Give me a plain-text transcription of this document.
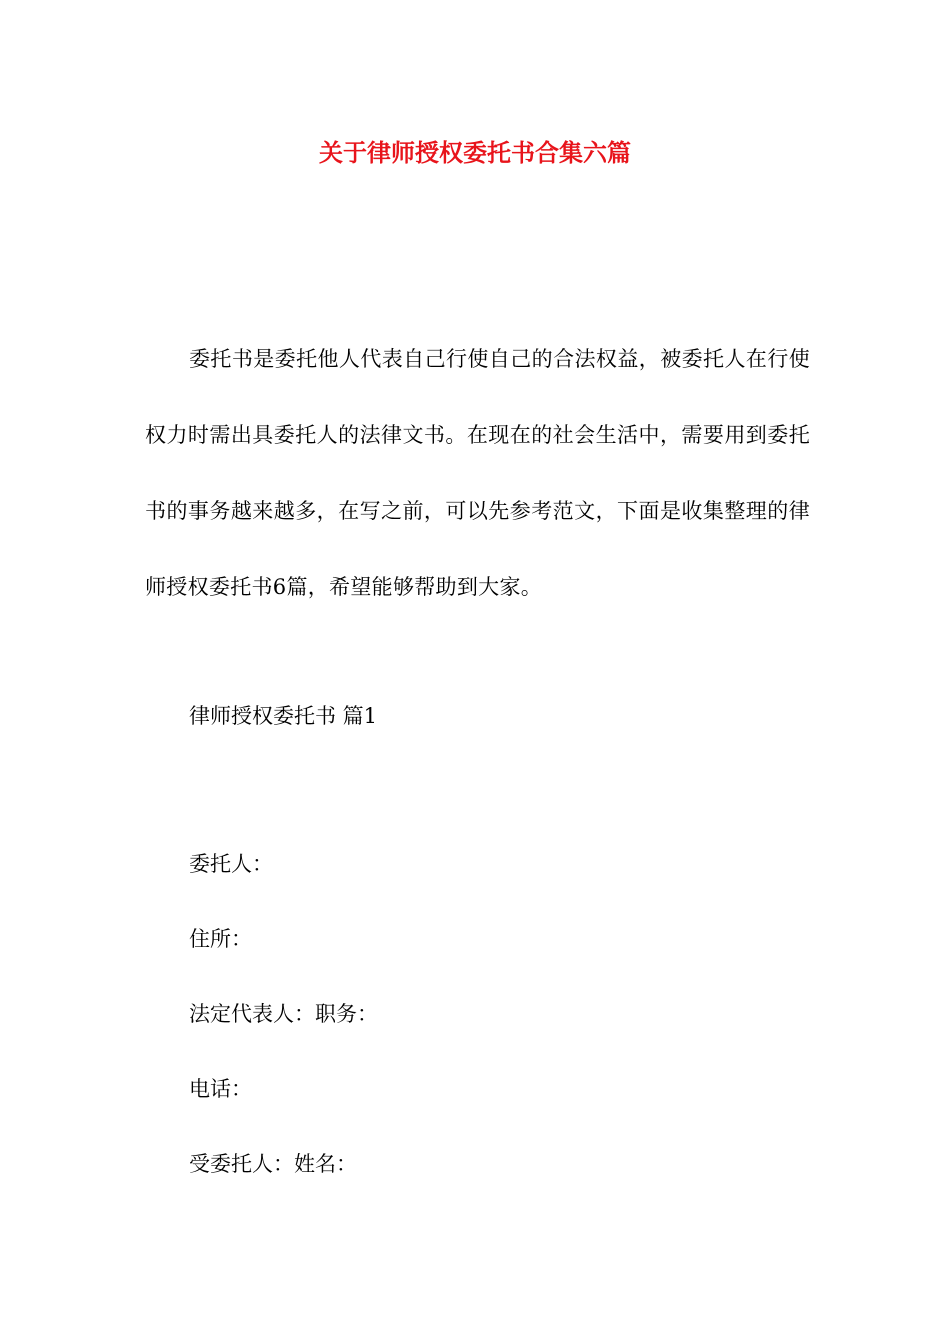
关于律师授权委托书合集六篇

委托书是委托他人代表自己行使自己的合法权益，被委托人在行使权力时需出具委托人的法律文书。在现在的社会生活中，需要用到委托书的事务越来越多，在写之前，可以先参考范文，下面是收集整理的律师授权委托书6篇，希望能够帮助到大家。

律师授权委托书 篇1

委托人：

住所：

法定代表人：职务：

电话：

受委托人：姓名：
